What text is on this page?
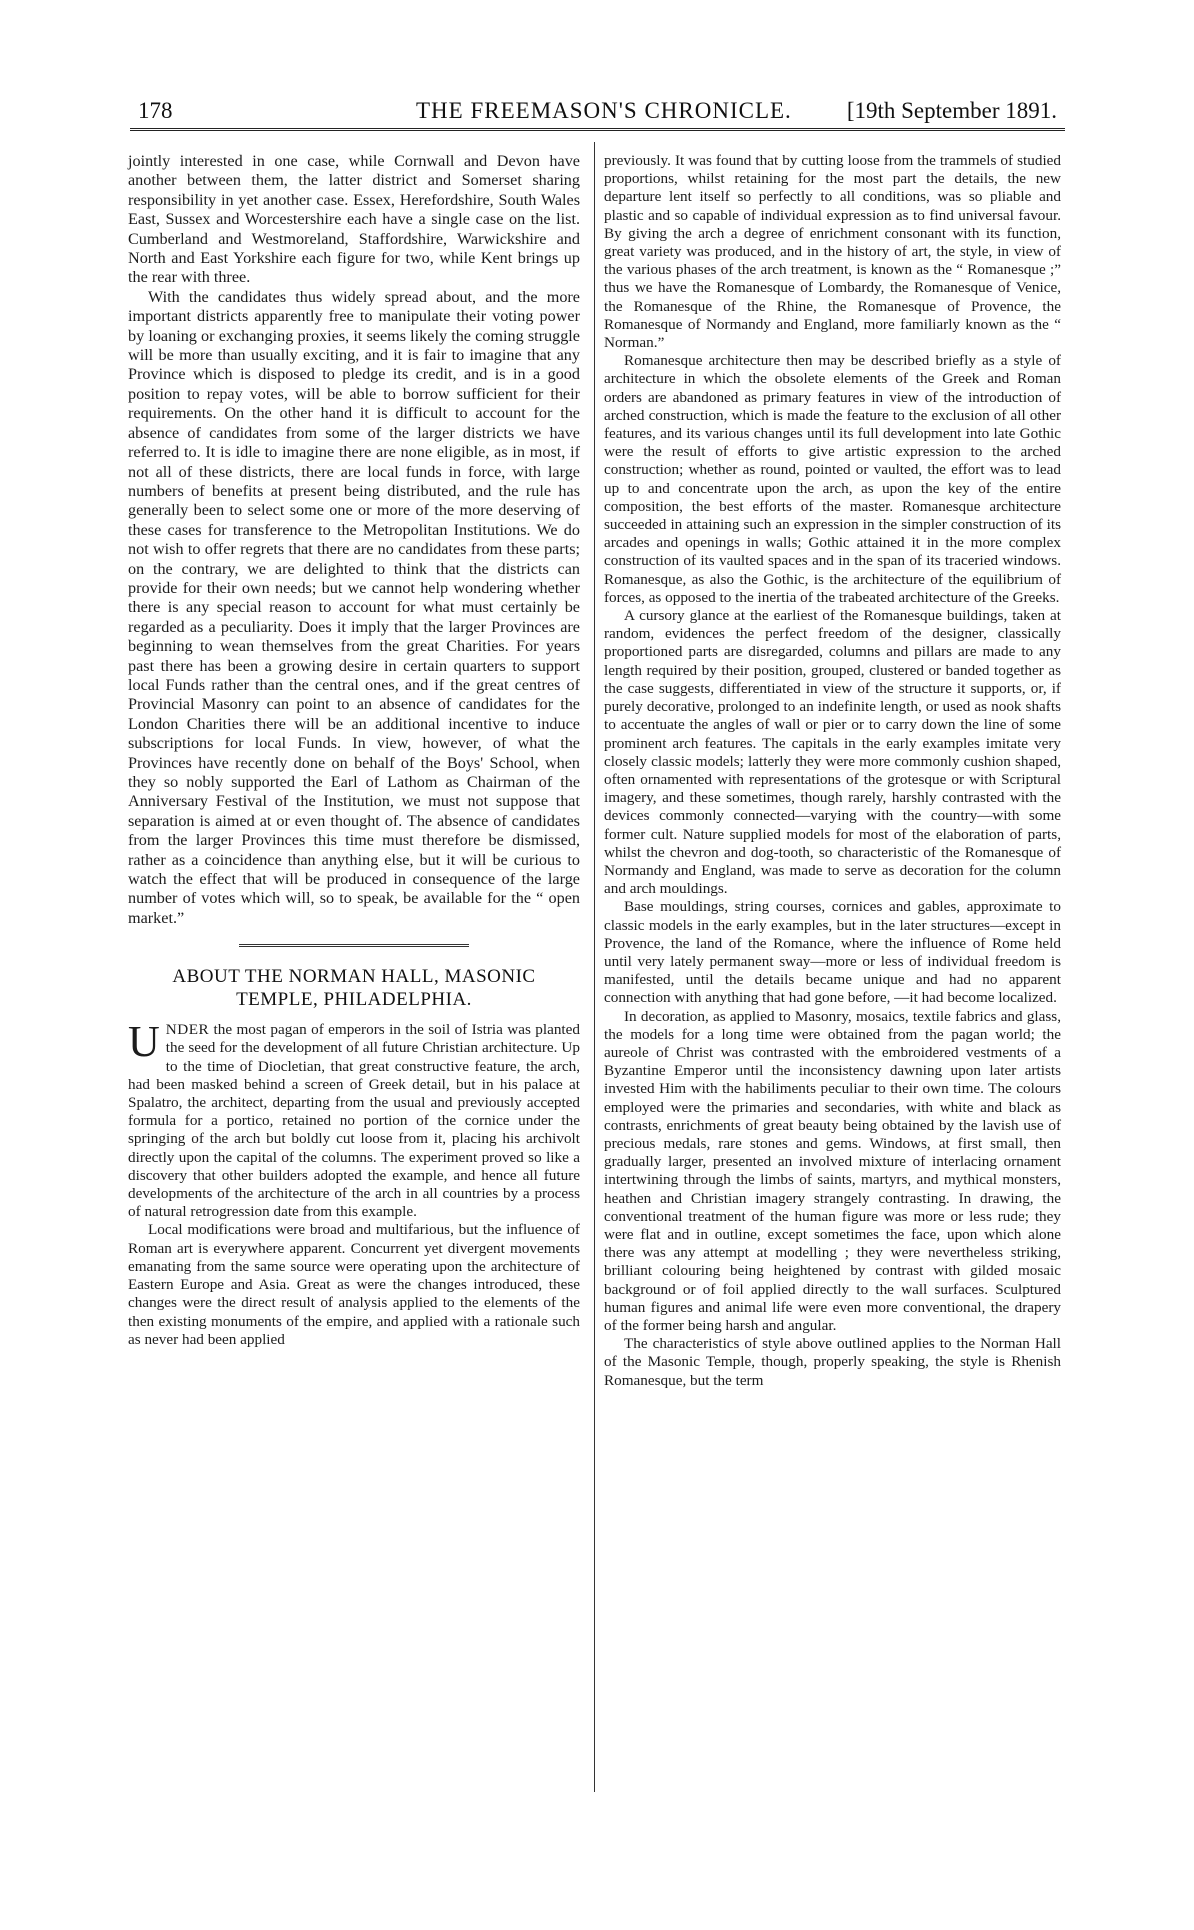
178	THE FREEMASON'S CHRONICLE. [19th September 1891.

jointly interested in one case, while Cornwall and Devon have another between them, the latter district and Somerset sharing responsibility in yet another case. Essex, Herefordshire, South Wales East, Sussex and Worcestershire each have a single case on the list. Cumberland and Westmoreland, Staffordshire, Warwickshire and North and East Yorkshire each figure for two, while Kent brings up the rear with three.

With the candidates thus widely spread about, and the more important districts apparently free to manipulate their voting power by loaning or exchanging proxies, it seems likely the coming struggle will be more than usually exciting, and it is fair to imagine that any Province which is disposed to pledge its credit, and is in a good position to repay votes, will be able to borrow sufficient for their requirements. On the other hand it is difficult to account for the absence of candidates from some of the larger districts we have referred to. It is idle to imagine there are none eligible, as in most, if not all of these districts, there are local funds in force, with large numbers of benefits at present being distributed, and the rule has generally been to select some one or more of the more deserving of these cases for transference to the Metropolitan Institutions. We do not wish to offer regrets that there are no candidates from these parts; on the contrary, we are delighted to think that the districts can provide for their own needs; but we cannot help wondering whether there is any special reason to account for what must certainly be regarded as a peculiarity. Does it imply that the larger Provinces are beginning to wean themselves from the great Charities. For years past there has been a growing desire in certain quarters to support local Funds rather than the central ones, and if the great centres of Provincial Masonry can point to an absence of candidates for the London Charities there will be an additional incentive to induce subscriptions for local Funds. In view, however, of what the Provinces have recently done on behalf of the Boys' School, when they so nobly supported the Earl of Lathom as Chairman of the Anniversary Festival of the Institution, we must not suppose that separation is aimed at or even thought of. The absence of candidates from the larger Provinces this time must therefore be dismissed, rather as a coincidence than anything else, but it will be curious to watch the effect that will be produced in consequence of the large number of votes which will, so to speak, be available for the “ open market.”

ABOUT THE NORMAN HALL, MASONIC
TEMPLE, PHILADELPHIA.

UNDER the most pagan of emperors in the soil of Istria was planted the seed for the development of all future Christian architecture. Up to the time of Diocletian, that great constructive feature, the arch, had been masked behind a screen of Greek detail, but in his palace at Spalatro, the architect, departing from the usual and previously accepted formula for a portico, retained no portion of the cornice under the springing of the arch but boldly cut loose from it, placing his archivolt directly upon the capital of the columns. The experiment proved so like a discovery that other builders adopted the example, and hence all future developments of the architecture of the arch in all countries by a process of natural retrogression date from this example.

Local modifications were broad and multifarious, but the influence of Roman art is everywhere apparent. Concurrent yet divergent movements emanating from the same source were operating upon the architecture of Eastern Europe and Asia. Great as were the changes introduced, these changes were the direct result of analysis applied to the elements of the then existing monuments of the empire, and applied with a rationale such as never had been applied

previously. It was found that by cutting loose from the trammels of studied proportions, whilst retaining for the most part the details, the new departure lent itself so perfectly to all conditions, was so pliable and plastic and so capable of individual expression as to find universal favour. By giving the arch a degree of enrichment consonant with its function, great variety was produced, and in the history of art, the style, in view of the various phases of the arch treatment, is known as the “ Romanesque ;” thus we have the Romanesque of Lombardy, the Romanesque of Venice, the Romanesque of the Rhine, the Romanesque of Provence, the Romanesque of Normandy and England, more familiarly known as the “ Norman.”

Romanesque architecture then may be described briefly as a style of architecture in which the obsolete elements of the Greek and Roman orders are abandoned as primary features in view of the introduction of arched construction, which is made the feature to the exclusion of all other features, and its various changes until its full development into late Gothic were the result of efforts to give artistic expression to the arched construction; whether as round, pointed or vaulted, the effort was to lead up to and concentrate upon the arch, as upon the key of the entire composition, the best efforts of the master. Romanesque architecture succeeded in attaining such an expression in the simpler construction of its arcades and openings in walls; Gothic attained it in the more complex construction of its vaulted spaces and in the span of its traceried windows. Romanesque, as also the Gothic, is the architecture of the equilibrium of forces, as opposed to the inertia of the trabeated architecture of the Greeks.

A cursory glance at the earliest of the Romanesque buildings, taken at random, evidences the perfect freedom of the designer, classically proportioned parts are disregarded, columns and pillars are made to any length required by their position, grouped, clustered or banded together as the case suggests, differentiated in view of the structure it supports, or, if purely decorative, prolonged to an indefinite length, or used as nook shafts to accentuate the angles of wall or pier or to carry down the line of some prominent arch features. The capitals in the early examples imitate very closely classic models; latterly they were more commonly cushion shaped, often ornamented with representations of the grotesque or with Scriptural imagery, and these sometimes, though rarely, harshly contrasted with the devices commonly connected—varying with the country—with some former cult. Nature supplied models for most of the elaboration of parts, whilst the chevron and dog-tooth, so characteristic of the Romanesque of Normandy and England, was made to serve as decoration for the column and arch mouldings.

Base mouldings, string courses, cornices and gables, approximate to classic models in the early examples, but in the later structures—except in Provence, the land of the Romance, where the influence of Rome held until very lately permanent sway—more or less of individual freedom is manifested, until the details became unique and had no apparent connection with anything that had gone before, —it had become localized.

In decoration, as applied to Masonry, mosaics, textile fabrics and glass, the models for a long time were obtained from the pagan world; the aureole of Christ was contrasted with the embroidered vestments of a Byzantine Emperor until the inconsistency dawning upon later artists invested Him with the habiliments peculiar to their own time. The colours employed were the primaries and secondaries, with white and black as contrasts, enrichments of great beauty being obtained by the lavish use of precious medals, rare stones and gems. Windows, at first small, then gradually larger, presented an involved mixture of interlacing ornament intertwining through the limbs of saints, martyrs, and mythical monsters, heathen and Christian imagery strangely contrasting. In drawing, the conventional treatment of the human figure was more or less rude; they were flat and in outline, except sometimes the face, upon which alone there was any attempt at modelling ; they were nevertheless striking, brilliant colouring being heightened by contrast with gilded mosaic background or of foil applied directly to the wall surfaces. Sculptured human figures and animal life were even more conventional, the drapery of the former being harsh and angular.

The characteristics of style above outlined applies to the Norman Hall of the Masonic Temple, though, properly speaking, the style is Rhenish Romanesque, but the term
